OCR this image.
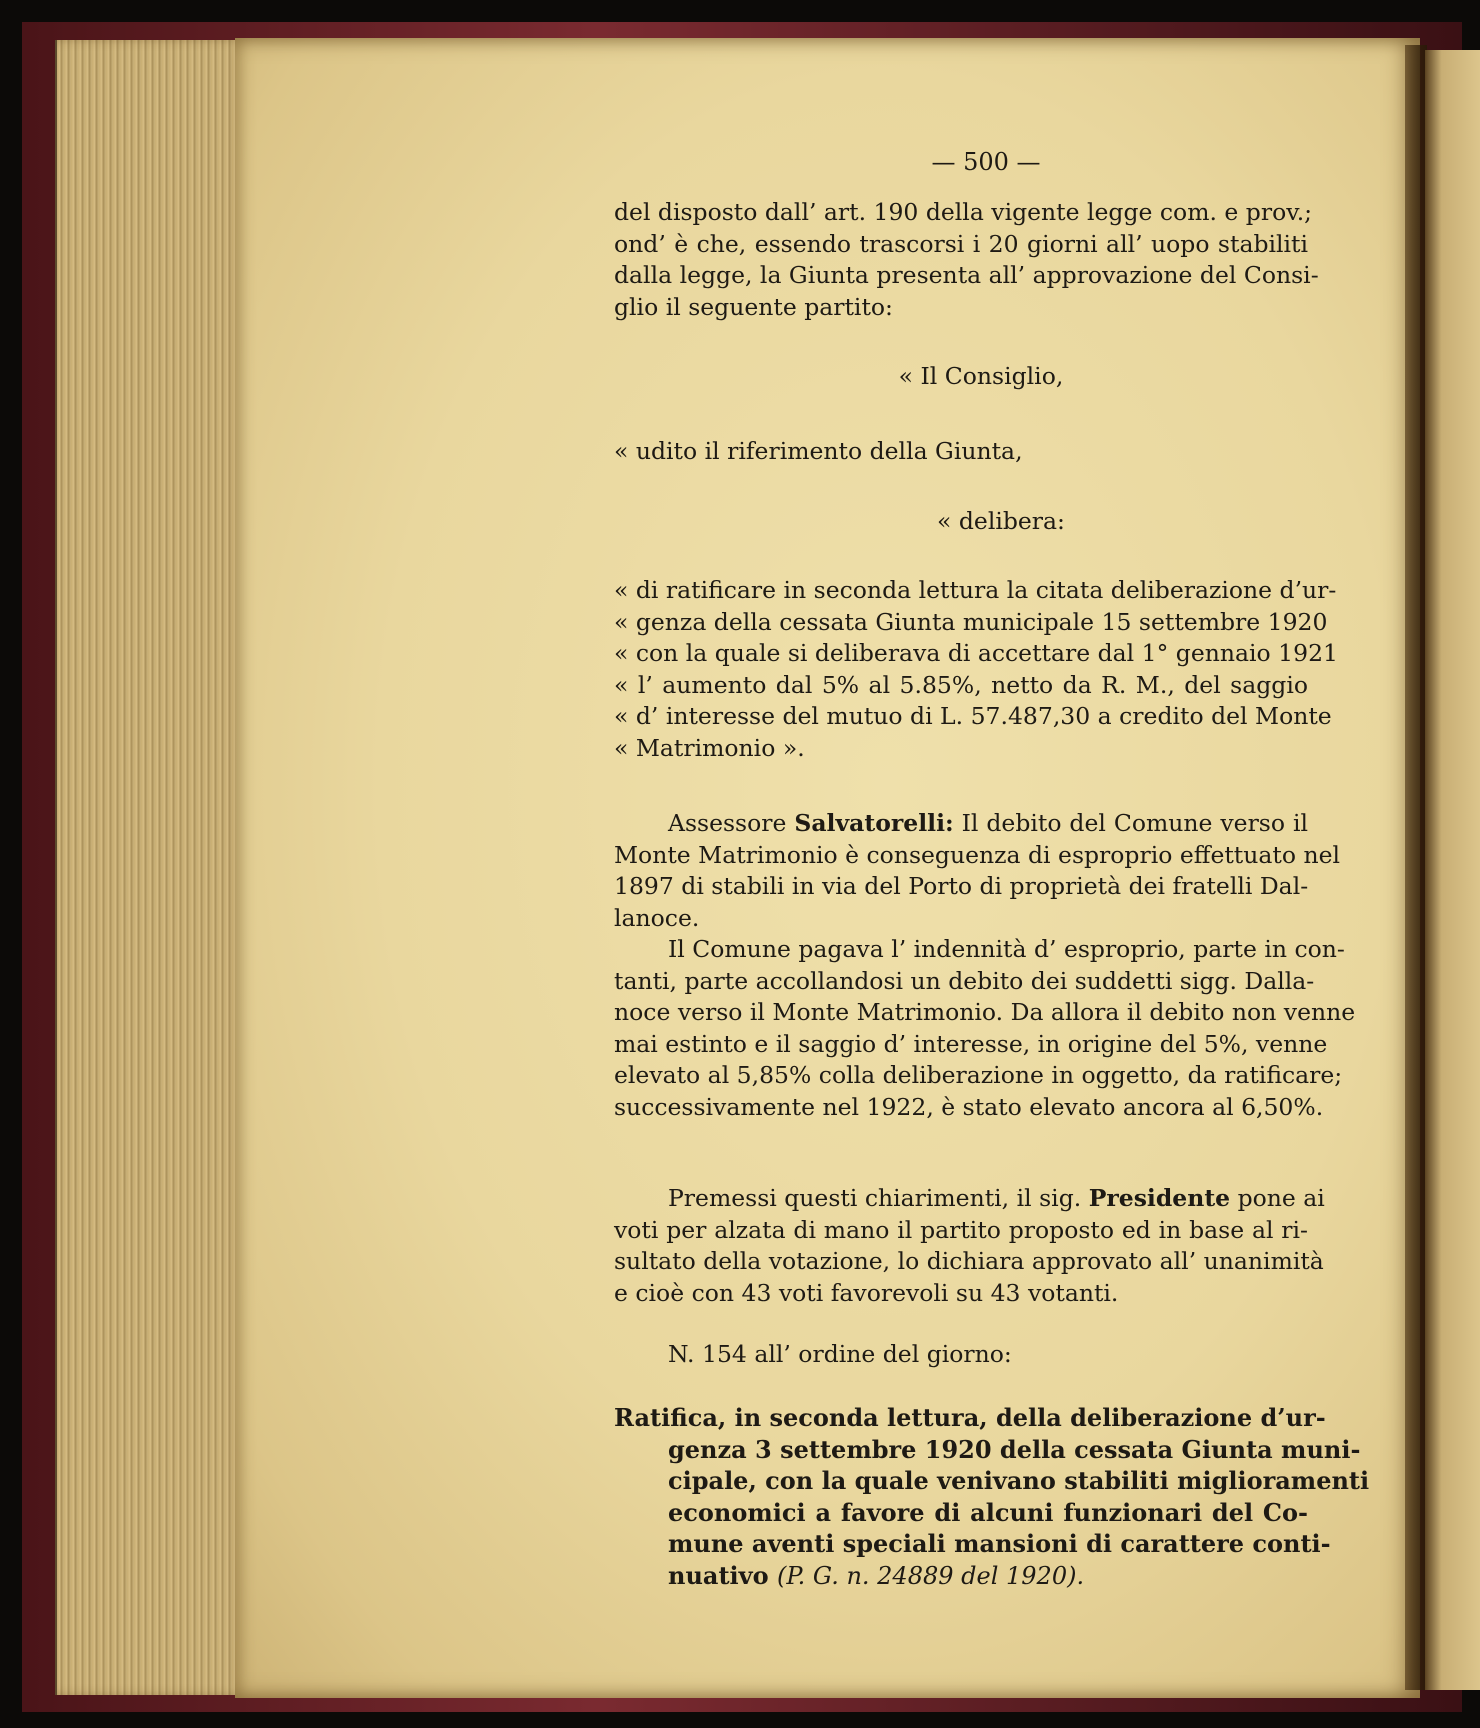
— 500 —
del disposto dall’ art. 190 della vigente legge com. e prov.;
ond’ è che, essendo trascorsi i 20 giorni all’ uopo stabiliti
dalla legge, la Giunta presenta all’ approvazione del Consi-
glio il seguente partito:
« Il Consiglio,
« udito il riferimento della Giunta,
« delibera:
« di ratificare in seconda lettura la citata deliberazione d’ur-
« genza della cessata Giunta municipale 15 settembre 1920
« con la quale si deliberava di accettare dal 1° gennaio 1921
« l’ aumento dal 5% al 5.85%, netto da R. M., del saggio
« d’ interesse del mutuo di L. 57.487,30 a credito del Monte
« Matrimonio ».
Assessore Salvatorelli: Il debito del Comune verso il
Monte Matrimonio è conseguenza di esproprio effettuato nel
1897 di stabili in via del Porto di proprietà dei fratelli Dal-
lanoce.
Il Comune pagava l’ indennità d’ esproprio, parte in con-
tanti, parte accollandosi un debito dei suddetti sigg. Dalla-
noce verso il Monte Matrimonio. Da allora il debito non venne
mai estinto e il saggio d’ interesse, in origine del 5%, venne
elevato al 5,85% colla deliberazione in oggetto, da ratificare;
successivamente nel 1922, è stato elevato ancora al 6,50%.
Premessi questi chiarimenti, il sig. Presidente pone ai
voti per alzata di mano il partito proposto ed in base al ri-
sultato della votazione, lo dichiara approvato all’ unanimità
e cioè con 43 voti favorevoli su 43 votanti.
N. 154 all’ ordine del giorno:
Ratifica, in seconda lettura, della deliberazione d’ur-
genza 3 settembre 1920 della cessata Giunta muni-
cipale, con la quale venivano stabiliti miglioramenti
economici a favore di alcuni funzionari del Co-
mune aventi speciali mansioni di carattere conti-
nuativo (P. G. n. 24889 del 1920).
